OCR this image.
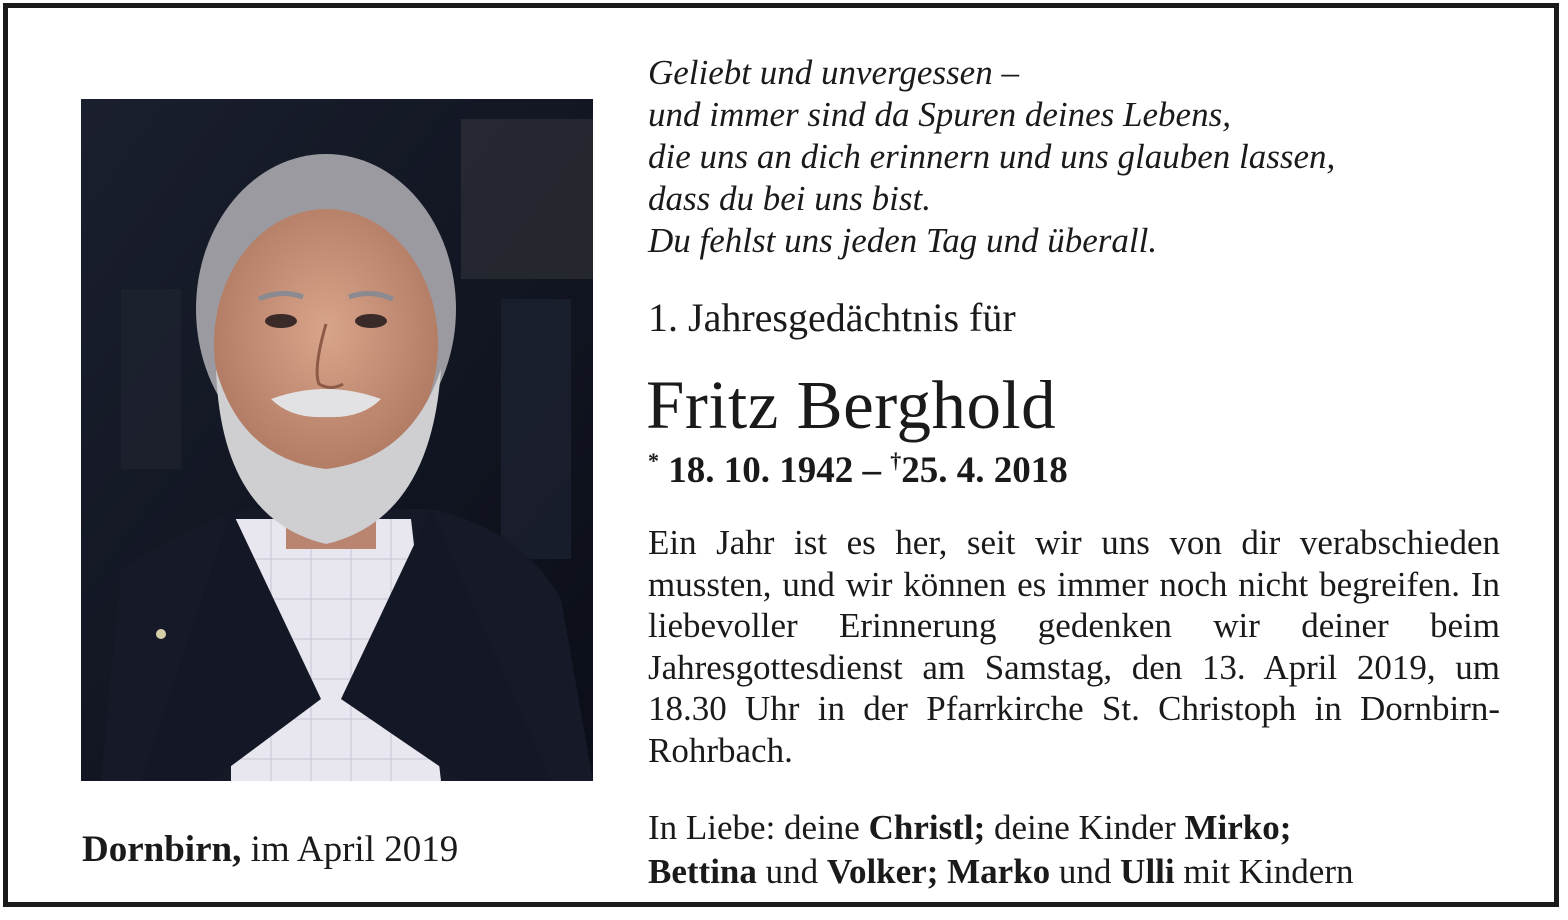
Dornbirn, im April 2019
Geliebt und unvergessen –
und immer sind da Spuren deines Lebens,
die uns an dich erinnern und uns glauben lassen,
dass du bei uns bist.
Du fehlst uns jeden Tag und überall.
1. Jahresgedächtnis für
Fritz Berghold
* 18. 10. 1942 – †25. 4. 2018
Ein Jahr ist es her, seit wir uns von dir verabschieden mussten, und wir können es immer noch nicht begreifen. In liebevoller Erinnerung gedenken wir deiner beim Jahresgottesdienst am Samstag, den 13. April 2019, um 18.30 Uhr in der Pfarrkirche St. Christoph in Dornbirn-Rohrbach.
In Liebe: deine Christl; deine Kinder Mirko;
Bettina und Volker; Marko und Ulli mit Kindern
